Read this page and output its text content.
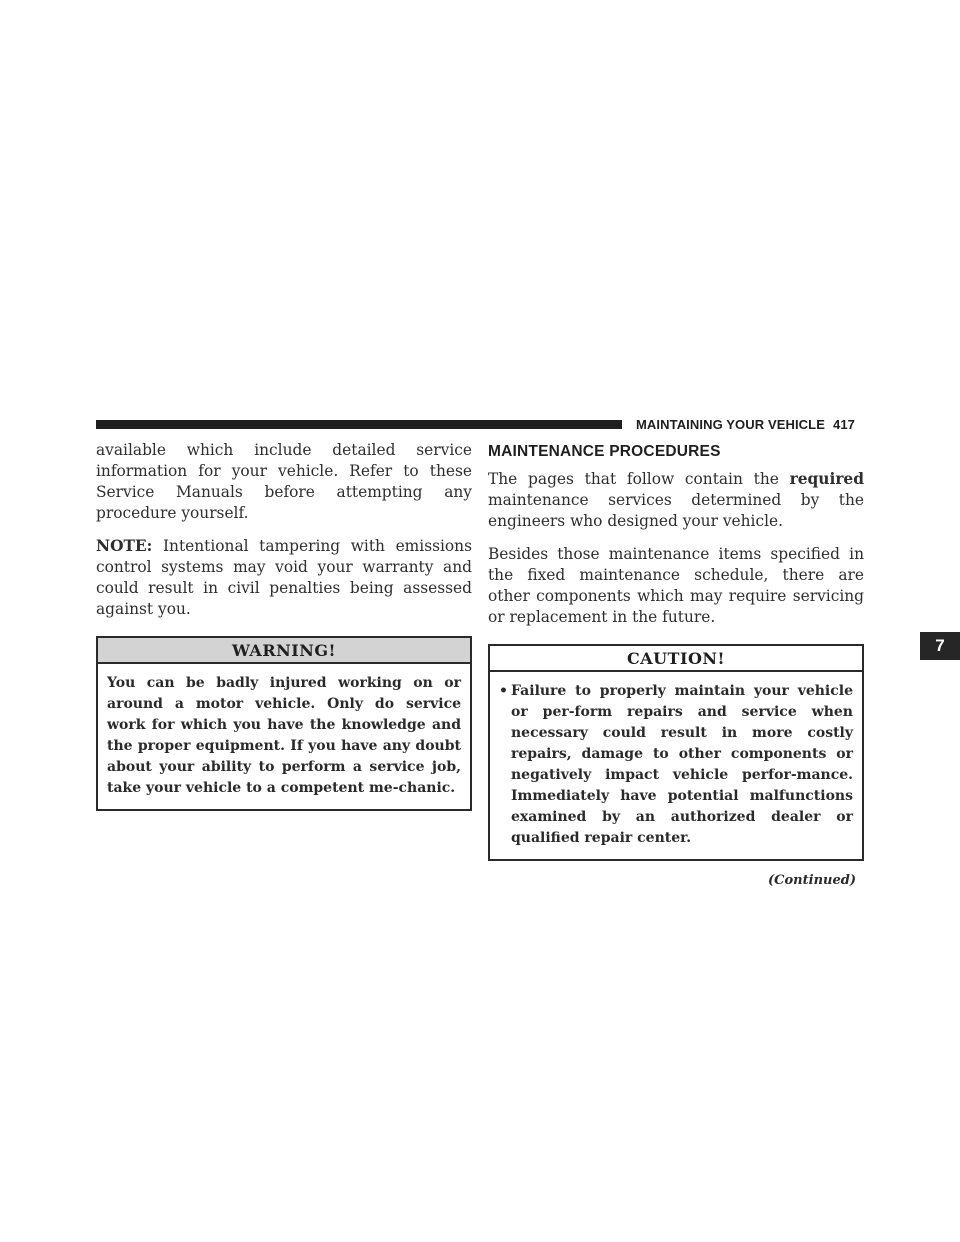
MAINTAINING YOUR VEHICLE 417
7

available which include detailed service information for your vehicle. Refer to these Service Manuals before attempting any procedure yourself.

NOTE: Intentional tampering with emissions control systems may void your warranty and could result in civil penalties being assessed against you.

WARNING!
You can be badly injured working on or around a motor vehicle. Only do service work for which you have the knowledge and the proper equipment. If you have any doubt about your ability to perform a service job, take your vehicle to a competent me-chanic.
MAINTENANCE PROCEDURES

The pages that follow contain the required maintenance services determined by the engineers who designed your vehicle.

Besides those maintenance items specified in the fixed maintenance schedule, there are other components which may require servicing or replacement in the future.

CAUTION!
• Failure to properly maintain your vehicle or per-form repairs and service when necessary could result in more costly repairs, damage to other components or negatively impact vehicle perfor-mance. Immediately have potential malfunctions examined by an authorized dealer or qualified repair center.
(Continued)
